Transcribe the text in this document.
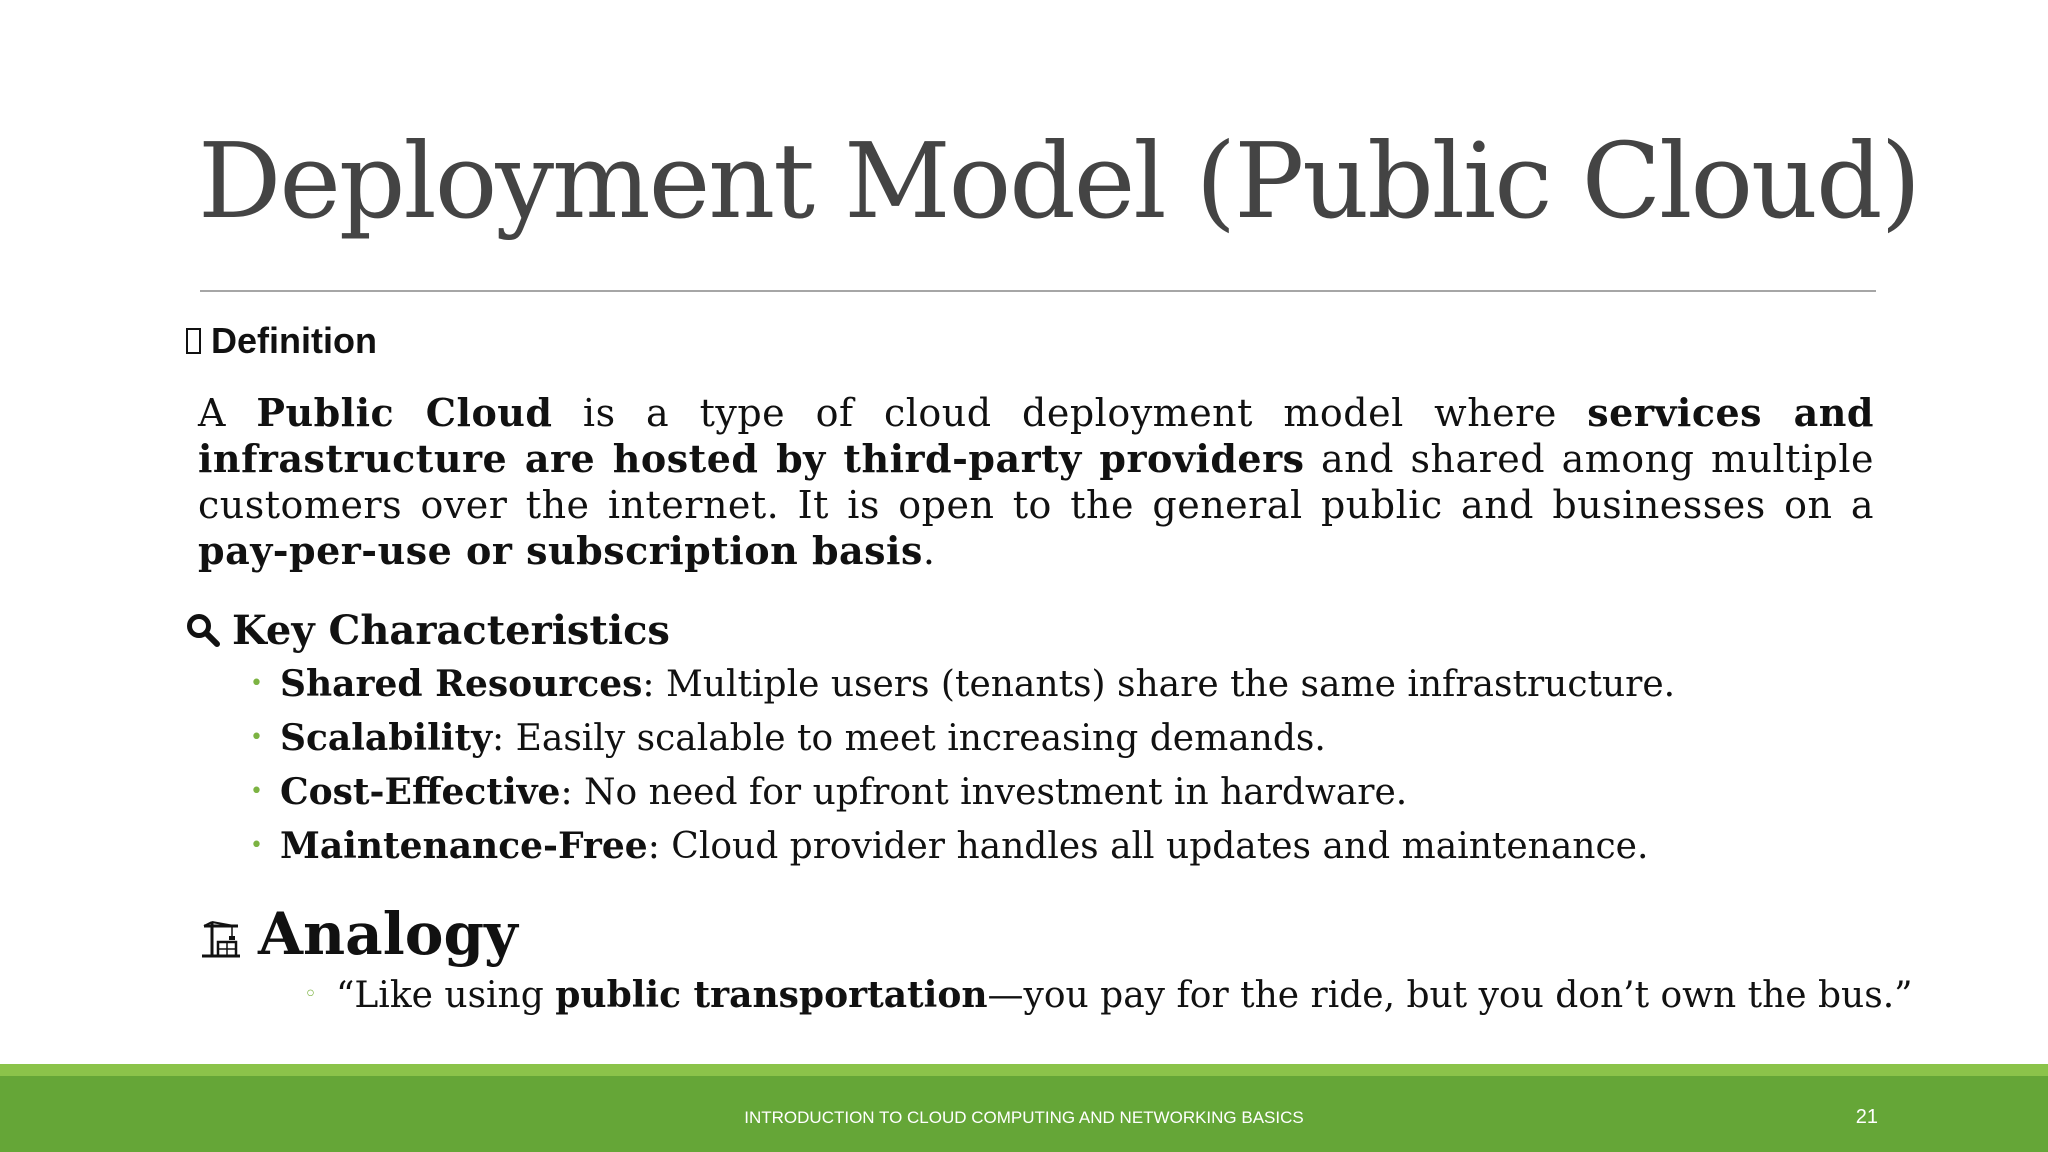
Deployment Model (Public Cloud)
Definition

A Public Cloud is a type of cloud deployment model where services and infrastructure are hosted by third-party providers and shared among multiple customers over the internet. It is open to the general public and businesses on a pay-per-use or subscription basis.

Key Characteristics
• Shared Resources: Multiple users (tenants) share the same infrastructure.
• Scalability: Easily scalable to meet increasing demands.
• Cost-Effective: No need for upfront investment in hardware.
• Maintenance-Free: Cloud provider handles all updates and maintenance.
Analogy
◦ “Like using public transportation—you pay for the ride, but you don’t own the bus.”
INTRODUCTION TO CLOUD COMPUTING AND NETWORKING BASICS	21
